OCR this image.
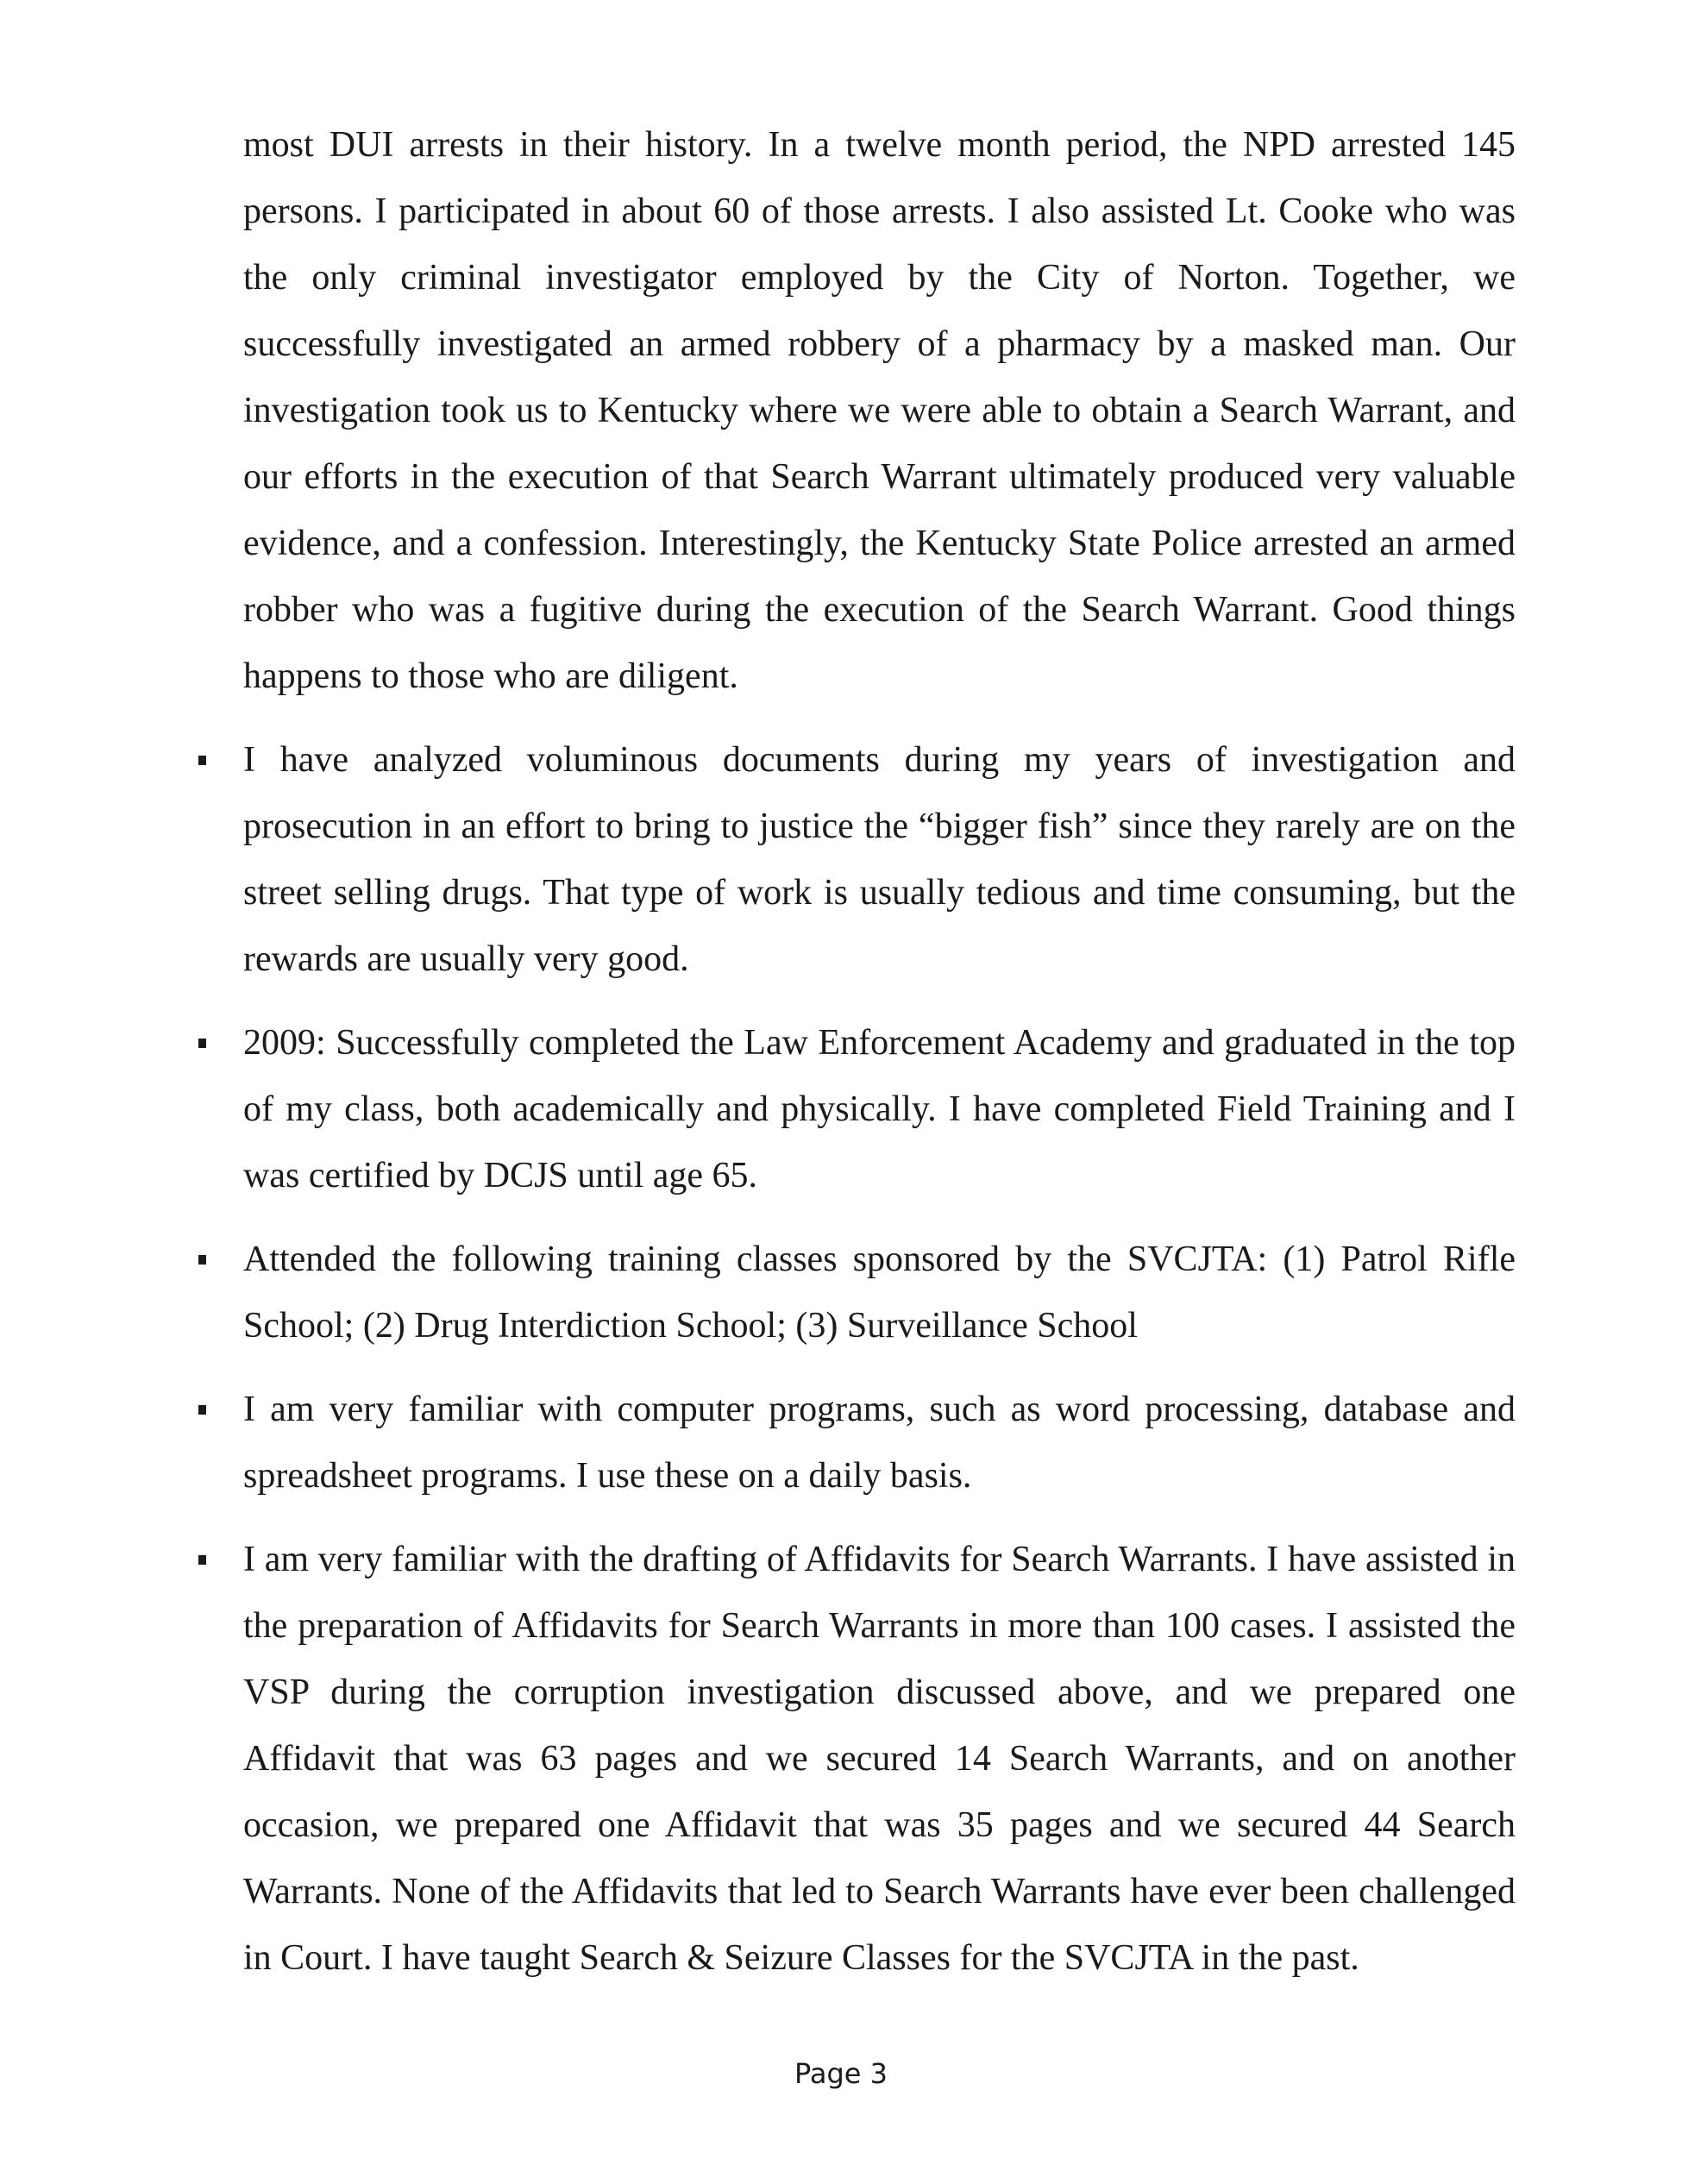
most DUI arrests in their history. In a twelve month period, the NPD arrested 145 persons. I participated in about 60 of those arrests. I also assisted Lt. Cooke who was the only criminal investigator employed by the City of Norton. Together, we successfully investigated an armed robbery of a pharmacy by a masked man. Our investigation took us to Kentucky where we were able to obtain a Search Warrant, and our efforts in the execution of that Search Warrant ultimately produced very valuable evidence, and a confession. Interestingly, the Kentucky State Police arrested an armed robber who was a fugitive during the execution of the Search Warrant. Good things happens to those who are diligent.

I have analyzed voluminous documents during my years of investigation and prosecution in an effort to bring to justice the “bigger fish” since they rarely are on the street selling drugs. That type of work is usually tedious and time consuming, but the rewards are usually very good.

2009: Successfully completed the Law Enforcement Academy and graduated in the top of my class, both academically and physically. I have completed Field Training and I was certified by DCJS until age 65.

Attended the following training classes sponsored by the SVCJTA: (1) Patrol Rifle School; (2) Drug Interdiction School; (3) Surveillance School

I am very familiar with computer programs, such as word processing, database and spreadsheet programs. I use these on a daily basis.

I am very familiar with the drafting of Affidavits for Search Warrants. I have assisted in the preparation of Affidavits for Search Warrants in more than 100 cases. I assisted the VSP during the corruption investigation discussed above, and we prepared one Affidavit that was 63 pages and we secured 14 Search Warrants, and on another occasion, we prepared one Affidavit that was 35 pages and we secured 44 Search Warrants. None of the Affidavits that led to Search Warrants have ever been challenged in Court. I have taught Search & Seizure Classes for the SVCJTA in the past.

Page 3
